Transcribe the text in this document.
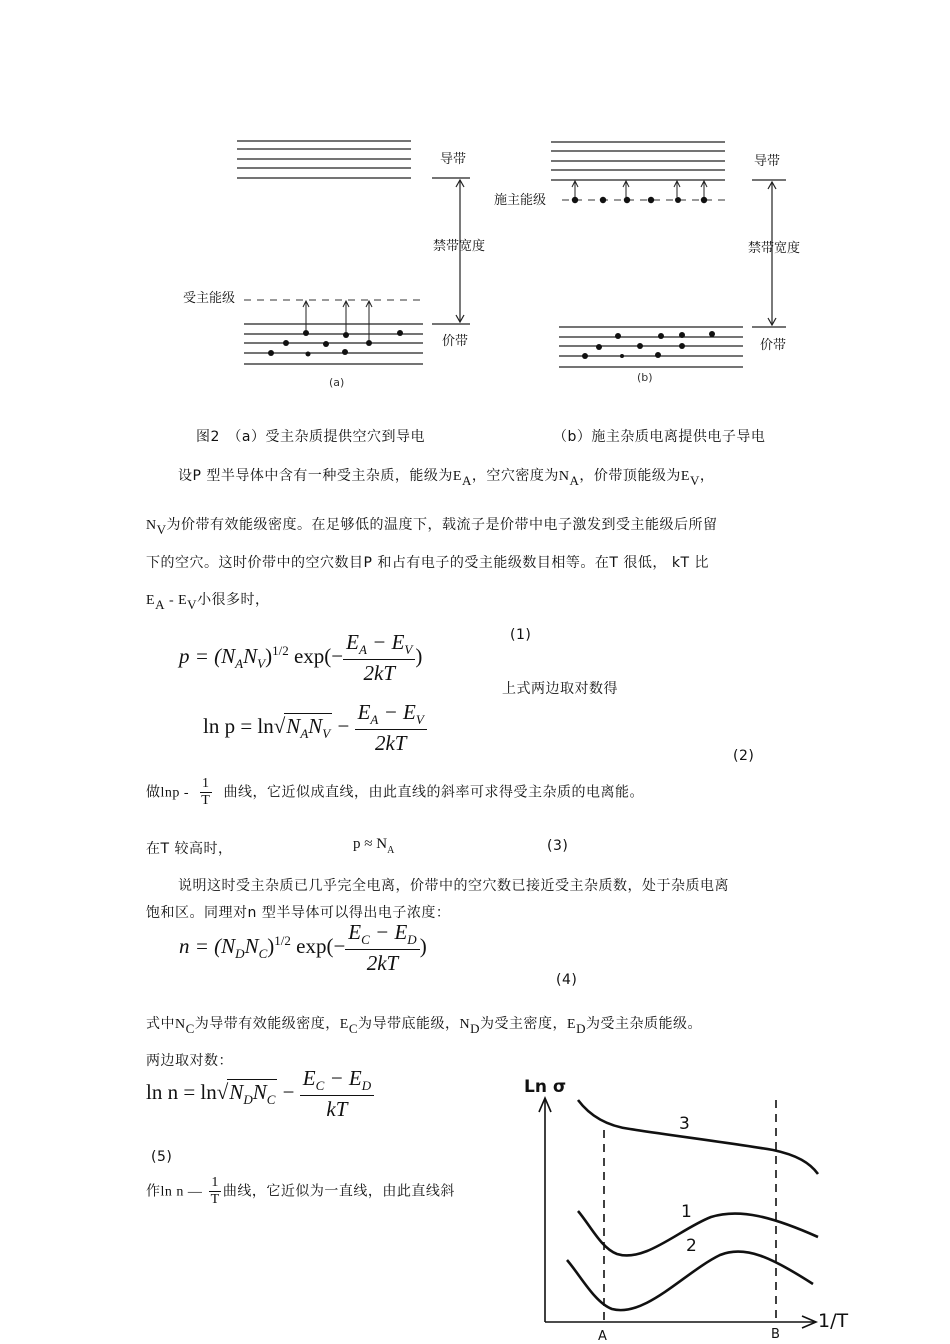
导带
禁带宽度
受主能级
价带
(a)
导带
施主能级
禁带宽度
价带
(b)
图2　（a）受主杂质提供空穴到导电	（b）施主杂质电离提供电子导电
设P 型半导体中含有一种受主杂质，能级为EA，空穴密度为NA，价带顶能级为EV，
NV为价带有效能级密度。在足够低的温度下，载流子是价带中电子激发到受主能级后所留
下的空穴。这时价带中的空穴数目P 和占有电子的受主能级数目相等。在T 很低， kT 比
EA - EV小很多时，
$p = (N_AN_V)^{1/2}$ $\exp(- \frac{E_A - E_V}{2kT}$ )
(1)
上式两边取对数得
$\ln p = \ln√N_AN_V - \frac{E_A - E_V}{2kT}$	(2)
做lnp - $\frac{1}{T}$ 曲线，它近似成直线，由此直线的斜率可求得受主杂质的电离能。
在T 较高时，	$p \approx N_A$	(3)
说明这时受主杂质已几乎完全电离，价带中的空穴数已接近受主杂质数，处于杂质电离
饱和区。同理对n 型半导体可以得出电子浓度：
$n = (N_DN_C)^{1/2}$ $\exp(- \frac{E_C - E_D}{2kT}$ )
(4)
式中NC为导带有效能级密度，EC为导带底能级，ND为受主密度，ED为受主杂质能级。
两边取对数：
$\ln n = \ln√N_DN_C - \frac{E_C - E_D}{kT}$
(5)
作ln n — $\frac{1}{T}$ 曲线，它近似为一直线，由此直线斜
Ln σ
1/T
A	B
3
1
2
